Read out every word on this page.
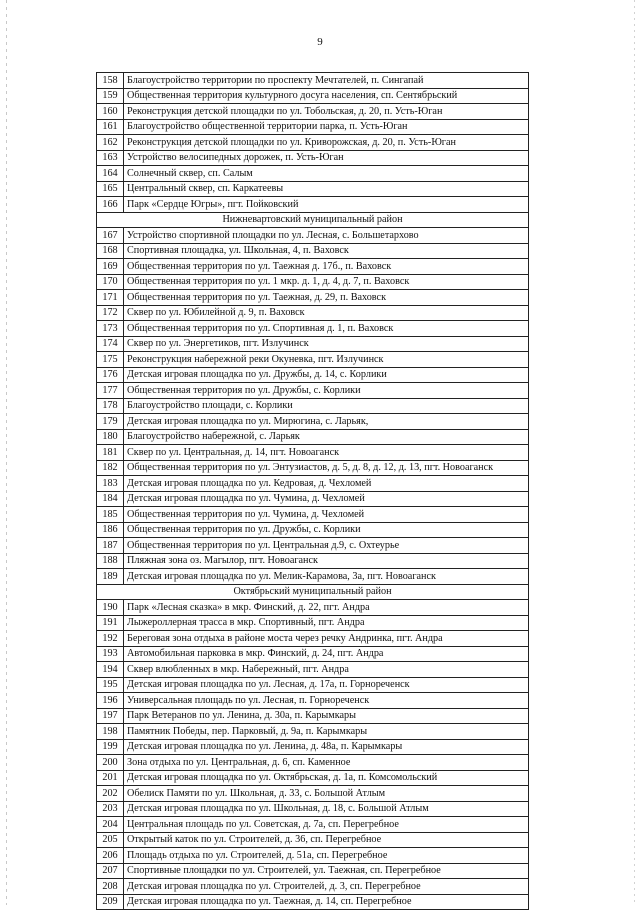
9
158	Благоустройство территории по проспекту Мечтателей, п. Сингапай
159	Общественная территория культурного досуга населения, сп. Сентябрьский
160	Реконструкция детской площадки по ул. Тобольская, д. 20, п. Усть-Юган
161	Благоустройство общественной территории парка, п. Усть-Юган
162	Реконструкция детской площадки по ул. Криворожская, д. 20, п. Усть-Юган
163	Устройство велосипедных дорожек, п. Усть-Юган
164	Солнечный сквер, сп. Салым
165	Центральный сквер, сп. Каркатеевы
166	Парк «Сердце Югры», пгт. Пойковский
Нижневартовский муниципальный район	
167	Устройство спортивной площадки по ул. Лесная, с. Большетархово
168	Спортивная площадка, ул. Школьная, 4, п. Ваховск
169	Общественная территория по ул. Таежная д. 17б., п. Ваховск
170	Общественная территория по ул. 1 мкр. д. 1, д. 4, д. 7, п. Ваховск
171	Общественная территория по ул. Таежная, д. 29, п. Ваховск
172	Сквер по ул. Юбилейной д. 9, п. Ваховск
173	Общественная территория по ул. Спортивная д. 1, п. Ваховск
174	Сквер по ул. Энергетиков, пгт. Излучинск
175	Реконструкция набережной реки Окуневка, пгт. Излучинск
176	Детская игровая площадка по ул. Дружбы, д. 14, с. Корлики
177	Общественная территория по ул. Дружбы, с. Корлики
178	Благоустройство площади, с. Корлики
179	Детская игровая площадка по ул. Мирюгина, с. Ларьяк,
180	Благоустройство набережной, с. Ларьяк
181	Сквер по ул. Центральная, д. 14, пгт. Новоаганск
182	Общественная территория по ул. Энтузиастов, д. 5, д. 8, д. 12, д. 13, пгт. Новоаганск
183	Детская игровая площадка по ул. Кедровая, д. Чехломей
184	Детская игровая площадка по ул. Чумина, д. Чехломей
185	Общественная территория по ул. Чумина, д. Чехломей
186	Общественная территория по ул. Дружбы, с. Корлики
187	Общественная территория по ул. Центральная д.9, с. Охтеурье
188	Пляжная зона оз. Магылор, пгт. Новоаганск
189	Детская игровая площадка по ул. Мелик-Карамова, 3а, пгт. Новоаганск
Октябрьский муниципальный район	
190	Парк «Лесная сказка» в мкр. Финский, д. 22, пгт. Андра
191	Лыжероллерная трасса в мкр. Спортивный, пгт. Андра
192	Береговая зона отдыха в районе моста через речку Андринка, пгт. Андра
193	Автомобильная парковка в мкр. Финский, д. 24, пгт. Андра
194	Сквер влюбленных в мкр. Набережный, пгт. Андра
195	Детская игровая площадка по ул. Лесная, д. 17а, п. Горнореченск
196	Универсальная площадь по ул. Лесная, п. Горнореченск
197	Парк Ветеранов по ул. Ленина, д. 30а, п. Карымкары
198	Памятник Победы, пер. Парковый, д. 9а, п. Карымкары
199	Детская игровая площадка по ул. Ленина, д. 48а, п. Карымкары
200	Зона отдыха по ул. Центральная, д. 6, сп. Каменное
201	Детская игровая площадка по ул. Октябрьская, д. 1а, п. Комсомольский
202	Обелиск Памяти по ул. Школьная, д. 33, с. Большой Атлым
203	Детская игровая площадка по ул. Школьная, д. 18, с. Большой Атлым
204	Центральная площадь по ул. Советская, д. 7а, сп. Перегребное
205	Открытый каток по ул. Строителей, д. 36, сп. Перегребное
206	Площадь отдыха по ул. Строителей, д. 51а, сп. Перегребное
207	Спортивные площадки по ул. Строителей, ул. Таежная, сп. Перегребное
208	Детская игровая площадка по ул. Строителей, д. 3, сп. Перегребное
209	Детская игровая площадка по ул. Таежная, д. 14, сп. Перегребное
